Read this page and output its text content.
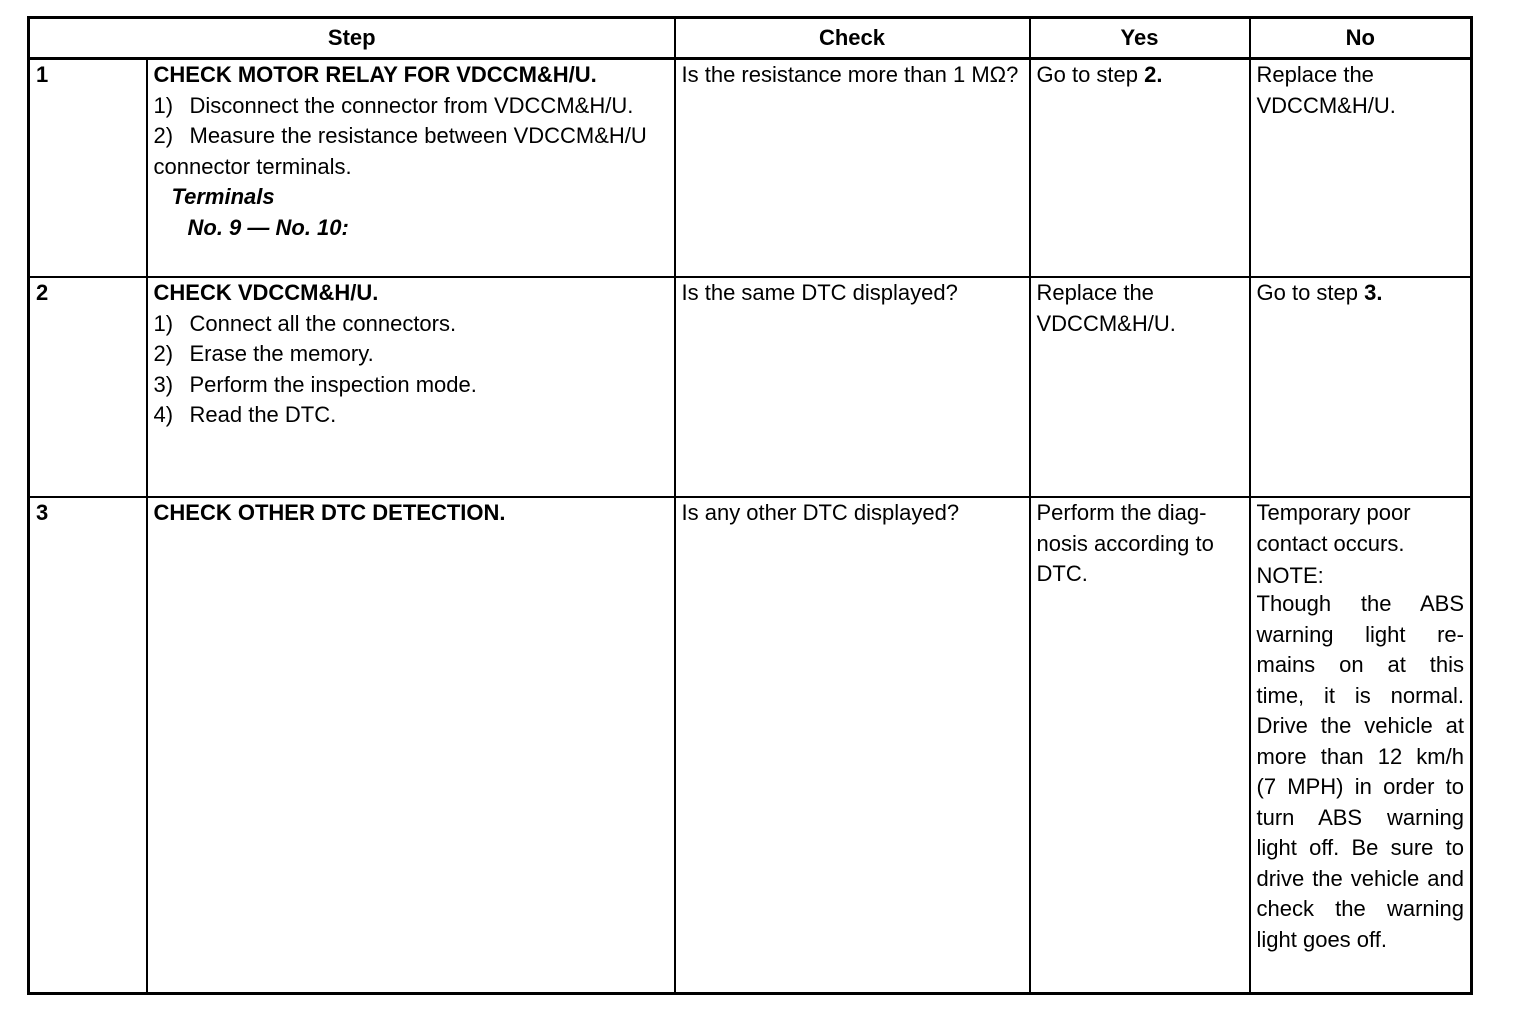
Step		Check	Yes	No
1	CHECK MOTOR RELAY FOR VDCCM&H/U.
1) Disconnect the connector from VDCCM&H/U.
2) Measure the resistance between VDCCM&H/U connector terminals.
Terminals
No. 9 — No. 10:	Is the resistance more than 1 MΩ?	Go to step 2.	Replace the VDCCM&H/U.
2	CHECK VDCCM&H/U.
1) Connect all the connectors.
2) Erase the memory.
3) Perform the inspection mode.
4) Read the DTC.	Is the same DTC displayed?	Replace the VDCCM&H/U.	Go to step 3.
3	CHECK OTHER DTC DETECTION.	Is any other DTC displayed?	Perform the diag-nosis according to DTC.	Temporary poor contact occurs.
NOTE:
Though the ABS warning light re-mains on at this time, it is normal. Drive the vehicle at more than 12 km/h (7 MPH) in order to turn ABS warning light off. Be sure to drive the vehicle and check the warning light goes off.
